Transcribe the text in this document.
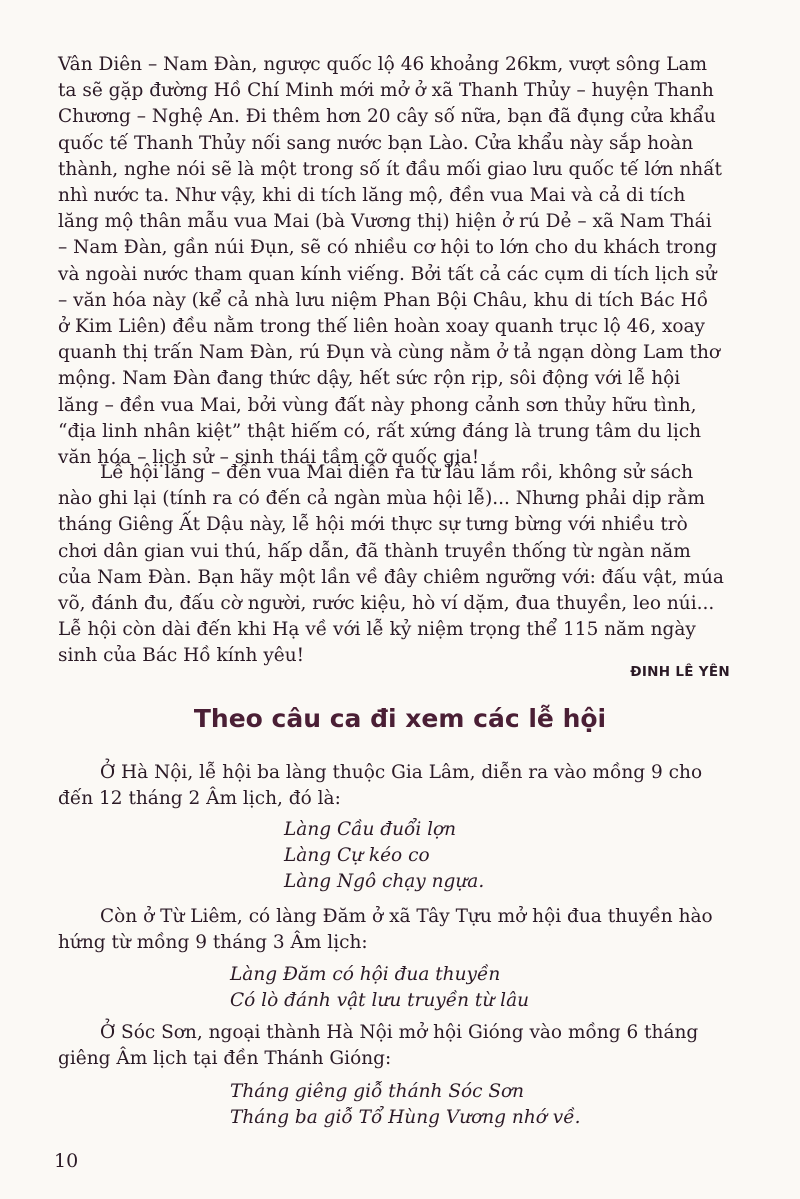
Vân Diên – Nam Đàn, ngược quốc lộ 46 khoảng 26km, vượt sông Lam
ta sẽ gặp đường Hồ Chí Minh mới mở ở xã Thanh Thủy – huyện Thanh
Chương – Nghệ An. Đi thêm hơn 20 cây số nữa, bạn đã đụng cửa khẩu
quốc tế Thanh Thủy nối sang nước bạn Lào. Cửa khẩu này sắp hoàn
thành, nghe nói sẽ là một trong số ít đầu mối giao lưu quốc tế lớn nhất
nhì nước ta. Như vậy, khi di tích lăng mộ, đền vua Mai và cả di tích
lăng mộ thân mẫu vua Mai (bà Vương thị) hiện ở rú Dẻ – xã Nam Thái
– Nam Đàn, gần núi Đụn, sẽ có nhiều cơ hội to lớn cho du khách trong
và ngoài nước tham quan kính viếng. Bởi tất cả các cụm di tích lịch sử
– văn hóa này (kể cả nhà lưu niệm Phan Bội Châu, khu di tích Bác Hồ
ở Kim Liên) đều nằm trong thế liên hoàn xoay quanh trục lộ 46, xoay
quanh thị trấn Nam Đàn, rú Đụn và cùng nằm ở tả ngạn dòng Lam thơ
mộng. Nam Đàn đang thức dậy, hết sức rộn rịp, sôi động với lễ hội
lăng – đền vua Mai, bởi vùng đất này phong cảnh sơn thủy hữu tình,
“địa linh nhân kiệt” thật hiếm có, rất xứng đáng là trung tâm du lịch
văn hóa – lịch sử – sinh thái tầm cỡ quốc gia!
Lễ hội lăng – đền vua Mai diễn ra từ lâu lắm rồi, không sử sách
nào ghi lại (tính ra có đến cả ngàn mùa hội lễ)... Nhưng phải dịp rằm
tháng Giêng Ất Dậu này, lễ hội mới thực sự tưng bừng với nhiều trò
chơi dân gian vui thú, hấp dẫn, đã thành truyền thống từ ngàn năm
của Nam Đàn. Bạn hãy một lần về đây chiêm ngưỡng với: đấu vật, múa
võ, đánh đu, đấu cờ người, rước kiệu, hò ví dặm, đua thuyền, leo núi...
Lễ hội còn dài đến khi Hạ về với lễ kỷ niệm trọng thể 115 năm ngày
sinh của Bác Hồ kính yêu!
ĐINH LÊ YÊN
Theo câu ca đi xem các lễ hội
Ở Hà Nội, lễ hội ba làng thuộc Gia Lâm, diễn ra vào mồng 9 cho
đến 12 tháng 2 Âm lịch, đó là:
Làng Cầu đuổi lợn
Làng Cự kéo co
Làng Ngô chạy ngựa.
Còn ở Từ Liêm, có làng Đăm ở xã Tây Tựu mở hội đua thuyền hào
hứng từ mồng 9 tháng 3 Âm lịch:
Làng Đăm có hội đua thuyền
Có lò đánh vật lưu truyền từ lâu
Ở Sóc Sơn, ngoại thành Hà Nội mở hội Gióng vào mồng 6 tháng
giêng Âm lịch tại đền Thánh Gióng:
Tháng giêng giỗ thánh Sóc Sơn
Tháng ba giỗ Tổ Hùng Vương nhớ về.
10
